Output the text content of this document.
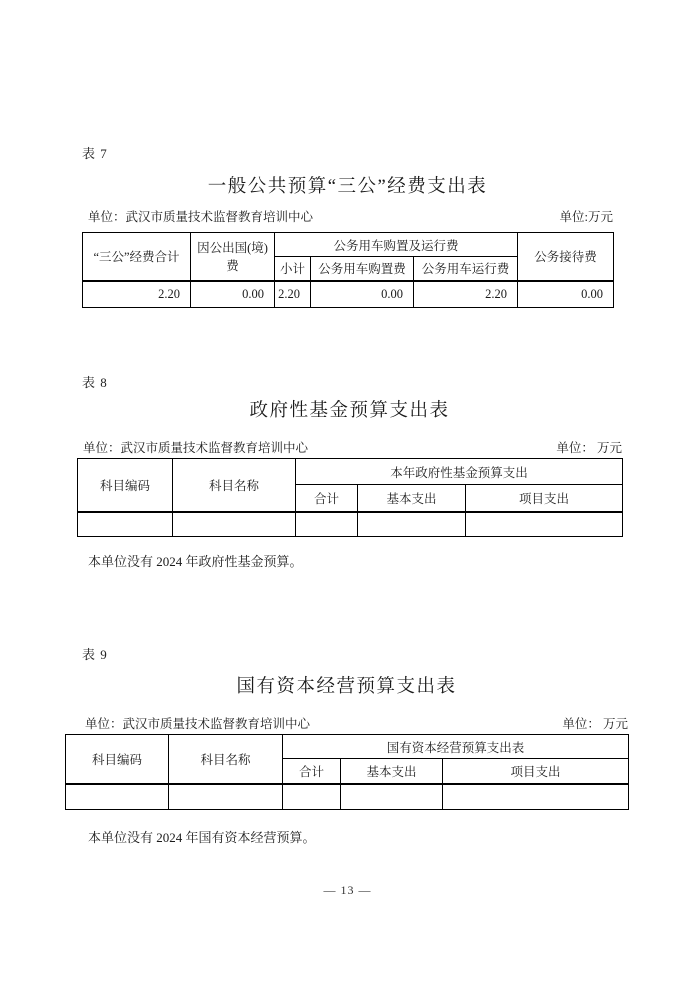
表 7
一般公共预算“三公”经费支出表
单位：武汉市质量技术监督教育培训中心	单位:万元
“三公”经费合计	因公出国(境)费	公务用车购置及运行费			公务接待费
		小计	公务用车购置费	公务用车运行费	
2.20	0.00	2.20	0.00	2.20	0.00
表 8
政府性基金预算支出表
单位：武汉市质量技术监督教育培训中心	单位： 万元
科目编码	科目名称	本年政府性基金预算支出		
		合计	基本支出	项目支出

本单位没有 2024 年政府性基金预算。

表 9
国有资本经营预算支出表
单位：武汉市质量技术监督教育培训中心	单位： 万元
科目编码	科目名称	国有资本经营预算支出表		
		合计	基本支出	项目支出

本单位没有 2024 年国有资本经营预算。

— 13 —
